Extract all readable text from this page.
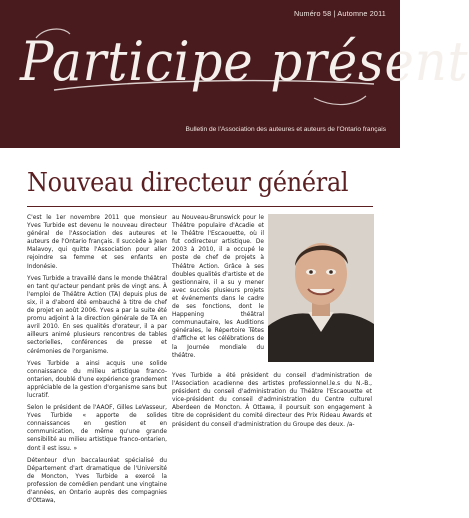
Numéro 58 | Automne 2011
Participe présent
Bulletin de l'Association des auteures et auteurs de l'Ontario français
Nouveau directeur général

C'est le 1er novembre 2011 que monsieur Yves Turbide est devenu le nouveau directeur général de l'Association des auteures et auteurs de l'Ontario français. Il succède à Jean Malavoy, qui quitte l'Association pour aller rejoindre sa femme et ses enfants en Indonésie.

Yves Turbide a travaillé dans le monde théâtral en tant qu'acteur pendant près de vingt ans. À l'emploi de Théâtre Action (TA) depuis plus de six, il a d'abord été embauché à titre de chef de projet en août 2006. Yves a par la suite été promu adjoint à la direction générale de TA en avril 2010. En ses qualités d'orateur, il a par ailleurs animé plusieurs rencontres de tables sectorielles, conférences de presse et cérémonies de l'organisme.

Yves Turbide a ainsi acquis une solide connaissance du milieu artistique franco-ontarien, doublé d'une expérience grandement appréciable de la gestion d'organisme sans but lucratif.

Selon le président de l'AAOF, Gilles LeVasseur, Yves Turbide « apporte de solides connaissances en gestion et en communication, de même qu'une grande sensibilité au milieu artistique franco-ontarien, dont il est issu. »

Détenteur d'un baccalauréat spécialisé du Département d'art dramatique de l'Université de Moncton, Yves Turbide a exercé la profession de comédien pendant une vingtaine d'années, en Ontario auprès des compagnies d'Ottawa,

au Nouveau-Brunswick pour le Théâtre populaire d'Acadie et le Théâtre l'Escaouette, où il fut codirecteur artistique. De 2003 à 2010, il a occupé le poste de chef de projets à Théâtre Action. Grâce à ses doubles qualités d'artiste et de gestionnaire, il a su y mener avec succès plusieurs projets et événements dans le cadre de ses fonctions, dont le Happening théâtral communautaire, les Auditions générales, le Répertoire Têtes d'affiche et les célébrations de la Journée mondiale du théâtre.

Yves Turbide a été président du conseil d'administration de l'Association acadienne des artistes professionnel.le.s du N.-B., président du conseil d'administration du Théâtre l'Escaouette et vice-président du conseil d'administration du Centre culturel Aberdeen de Moncton. À Ottawa, il poursuit son engagement à titre de coprésident du comité directeur des Prix Rideau Awards et président du conseil d'administration du Groupe des deux. /a-
